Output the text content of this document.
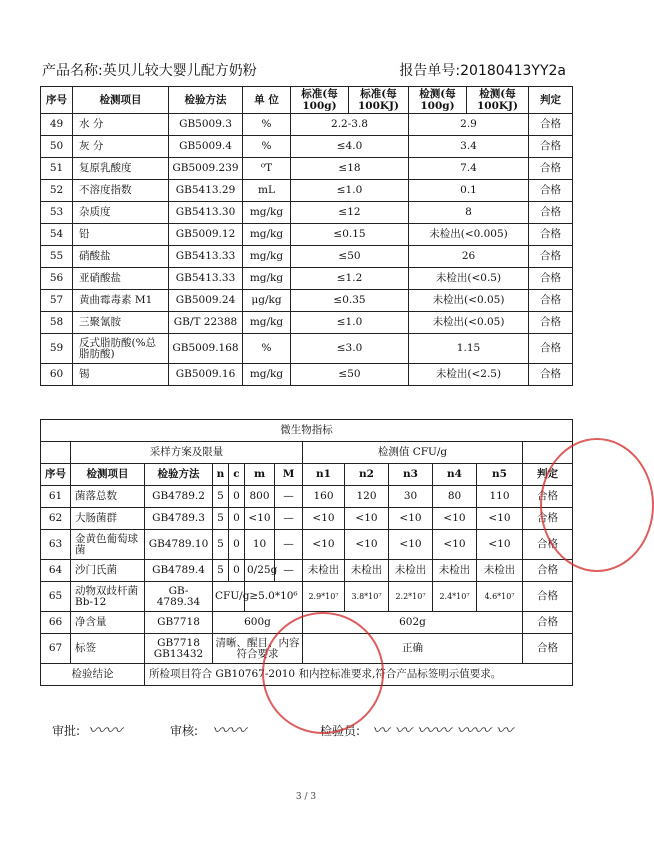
产品名称:英贝儿较大婴儿配方奶粉	报告单号:20180413YY2a
序号	检测项目	检验方法	单 位	标准(每100g)	标准(每100KJ)	检测(每100g)	检测(每100KJ)	判定
49	水 分	GB5009.3	%	2.2-3.8		2.9		合格
50	灰 分	GB5009.4	%	≤4.0		3.4		合格
51	复原乳酸度	GB5009.239	⁰T	≤18		7.4		合格
52	不溶度指数	GB5413.29	mL	≤1.0		0.1		合格
53	杂质度	GB5413.30	mg/kg	≤12		8		合格
54	铅	GB5009.12	mg/kg	≤0.15		未检出(<0.005)		合格
55	硝酸盐	GB5413.33	mg/kg	≤50		26		合格
56	亚硝酸盐	GB5413.33	mg/kg	≤1.2		未检出(<0.5)		合格
57	黄曲霉毒素 M1	GB5009.24	μg/kg	≤0.35		未检出(<0.05)		合格
58	三聚氰胺	GB/T 22388	mg/kg	≤1.0		未检出(<0.05)		合格
59	反式脂肪酸(%总脂肪酸)	GB5009.168	%	≤3.0		1.15		合格
60	锡	GB5009.16	mg/kg	≤50		未检出(<2.5)		合格
微生物指标												
	采样方案及限量						检测值 CFU/g					
序号	检测项目	检验方法	n	c	m	M	n1	n2	n3	n4	n5	判定
61	菌落总数	GB4789.2	5	0	800	—	160	120	30	80	110	合格
62	大肠菌群	GB4789.3	5	0	<10	—	<10	<10	<10	<10	<10	合格
63	金黄色葡萄球菌	GB4789.10	5	0	10	—	<10	<10	<10	<10	<10	合格
64	沙门氏菌	GB4789.4	5	0	0/25g	—	未检出	未检出	未检出	未检出	未检出	合格
65	动物双歧杆菌 Bb-12	GB-4789.34	CFU/g		≥5.0*10⁶		2.9*10⁷	3.8*10⁷	2.2*10⁷	2.4*10⁷	4.6*10⁷	合格
66	净含量	GB7718	600g				602g					合格
67	标签	GB7718 GB13432	清晰、醒目、内容符合要求				正确					合格
检验结论		所检项目符合 GB10767-2010 和内控标准要求,符合产品标签明示值要求。										
审批: 〰〰	审核: 〰〰	检验员: 〰 〰 〰〰 〰〰 〰
3 / 3
